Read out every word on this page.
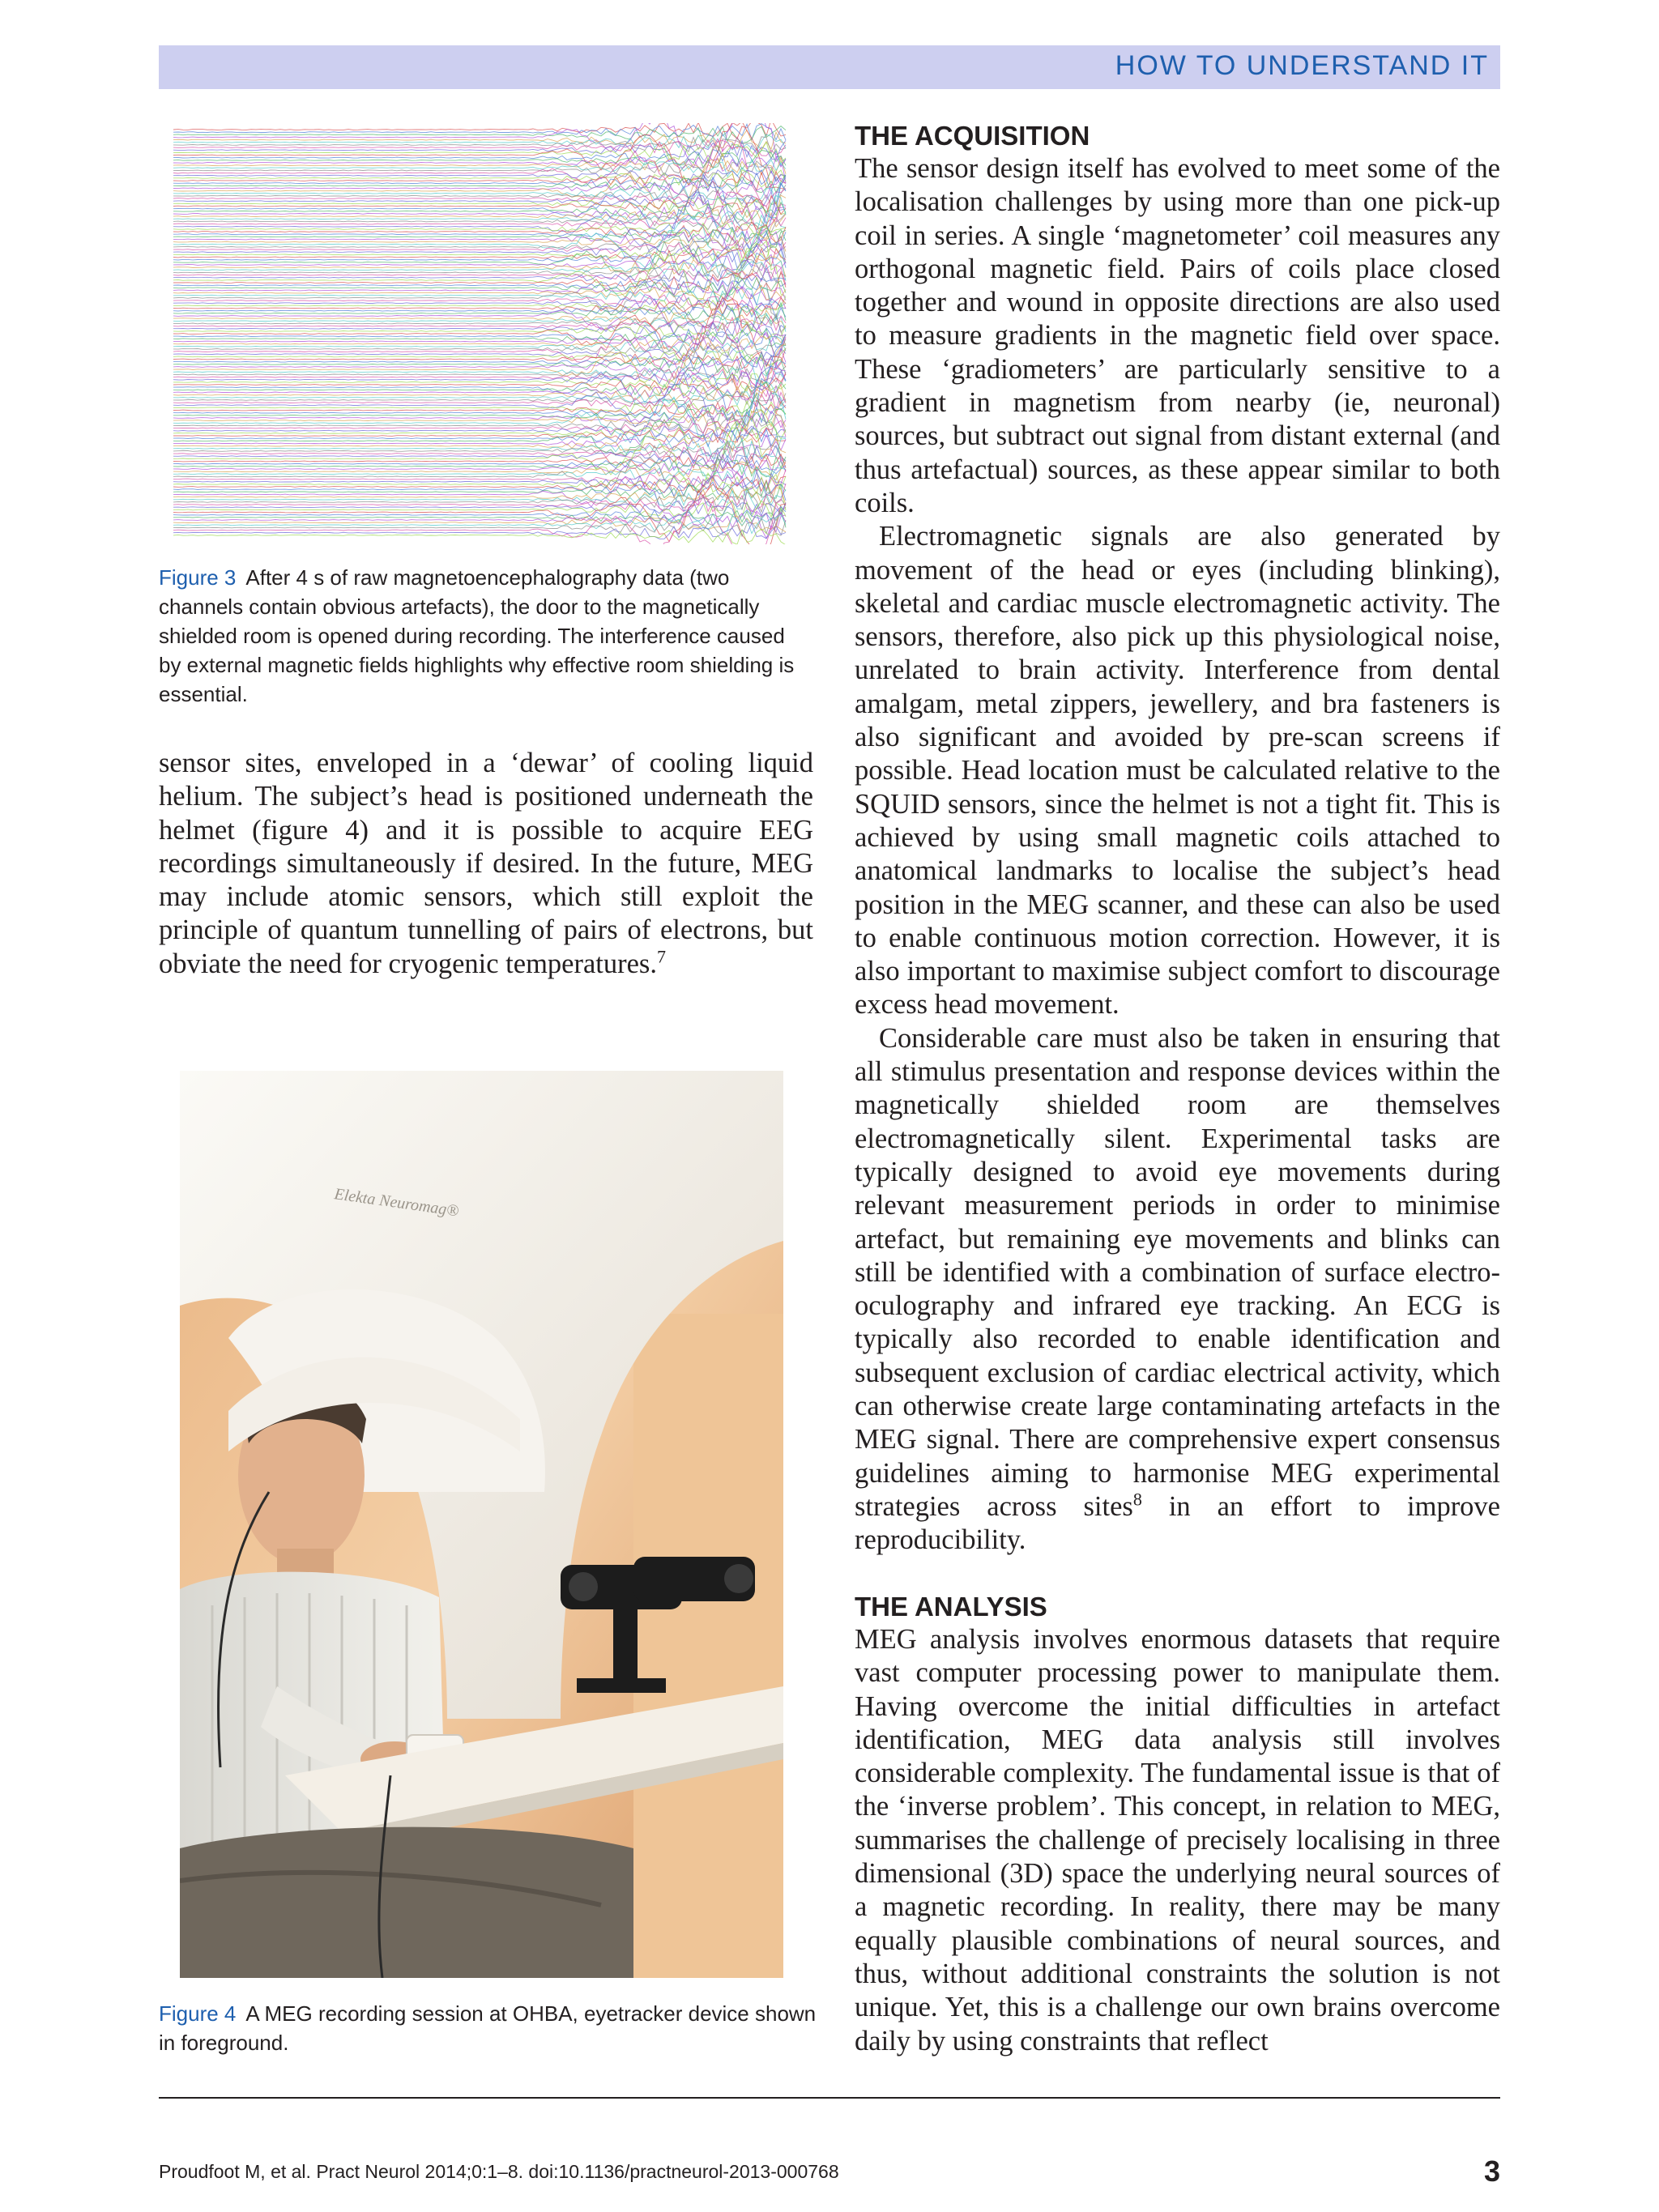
HOW TO UNDERSTAND IT

Figure 3 After 4 s of raw magnetoencephalography data (two channels contain obvious artefacts), the door to the magnetically shielded room is opened during recording. The interference caused by external magnetic fields highlights why effective room shielding is essential.

sensor sites, enveloped in a ‘dewar’ of cooling liquid helium. The subject’s head is positioned underneath the helmet (figure 4) and it is possible to acquire EEG recordings simultaneously if desired. In the future, MEG may include atomic sensors, which still exploit the principle of quantum tunnelling of pairs of electrons, but obviate the need for cryogenic temperatures.$^7$

Elekta Neuromag®

Figure 4 A MEG recording session at OHBA, eyetracker device shown in foreground.

THE ACQUISITION

The sensor design itself has evolved to meet some of the localisation challenges by using more than one pick-up coil in series. A single ‘magnetometer’ coil measures any orthogonal magnetic field. Pairs of coils place closed together and wound in opposite directions are also used to measure gradients in the magnetic field over space. These ‘gradiometers’ are particularly sensitive to a gradient in magnetism from nearby (ie, neuronal) sources, but subtract out signal from distant external (and thus artefactual) sources, as these appear similar to both coils.

Electromagnetic signals are also generated by movement of the head or eyes (including blinking), skeletal and cardiac muscle electromagnetic activity. The sensors, therefore, also pick up this physiological noise, unrelated to brain activity. Interference from dental amalgam, metal zippers, jewellery, and bra fasteners is also significant and avoided by pre-scan screens if possible. Head location must be calculated relative to the SQUID sensors, since the helmet is not a tight fit. This is achieved by using small magnetic coils attached to anatomical landmarks to localise the subject’s head position in the MEG scanner, and these can also be used to enable continuous motion correction. However, it is also important to maximise subject comfort to discourage excess head movement.

Considerable care must also be taken in ensuring that all stimulus presentation and response devices within the magnetically shielded room are themselves electromagnetically silent. Experimental tasks are typically designed to avoid eye movements during relevant measurement periods in order to minimise artefact, but remaining eye movements and blinks can still be identified with a combination of surface electro-oculography and infrared eye tracking. An ECG is typically also recorded to enable identification and subsequent exclusion of cardiac electrical activity, which can otherwise create large contaminating artefacts in the MEG signal. There are comprehensive expert consensus guidelines aiming to harmonise MEG experimental strategies across sites$^8$ in an effort to improve reproducibility.

THE ANALYSIS

MEG analysis involves enormous datasets that require vast computer processing power to manipulate them. Having overcome the initial difficulties in artefact identification, MEG data analysis still involves considerable complexity. The fundamental issue is that of the ‘inverse problem’. This concept, in relation to MEG, summarises the challenge of precisely localising in three dimensional (3D) space the underlying neural sources of a magnetic recording. In reality, there may be many equally plausible combinations of neural sources, and thus, without additional constraints the solution is not unique. Yet, this is a challenge our own brains overcome daily by using constraints that reflect

Proudfoot M, et al. Pract Neurol 2014;0:1–8. doi:10.1136/practneurol-2013-000768	3
